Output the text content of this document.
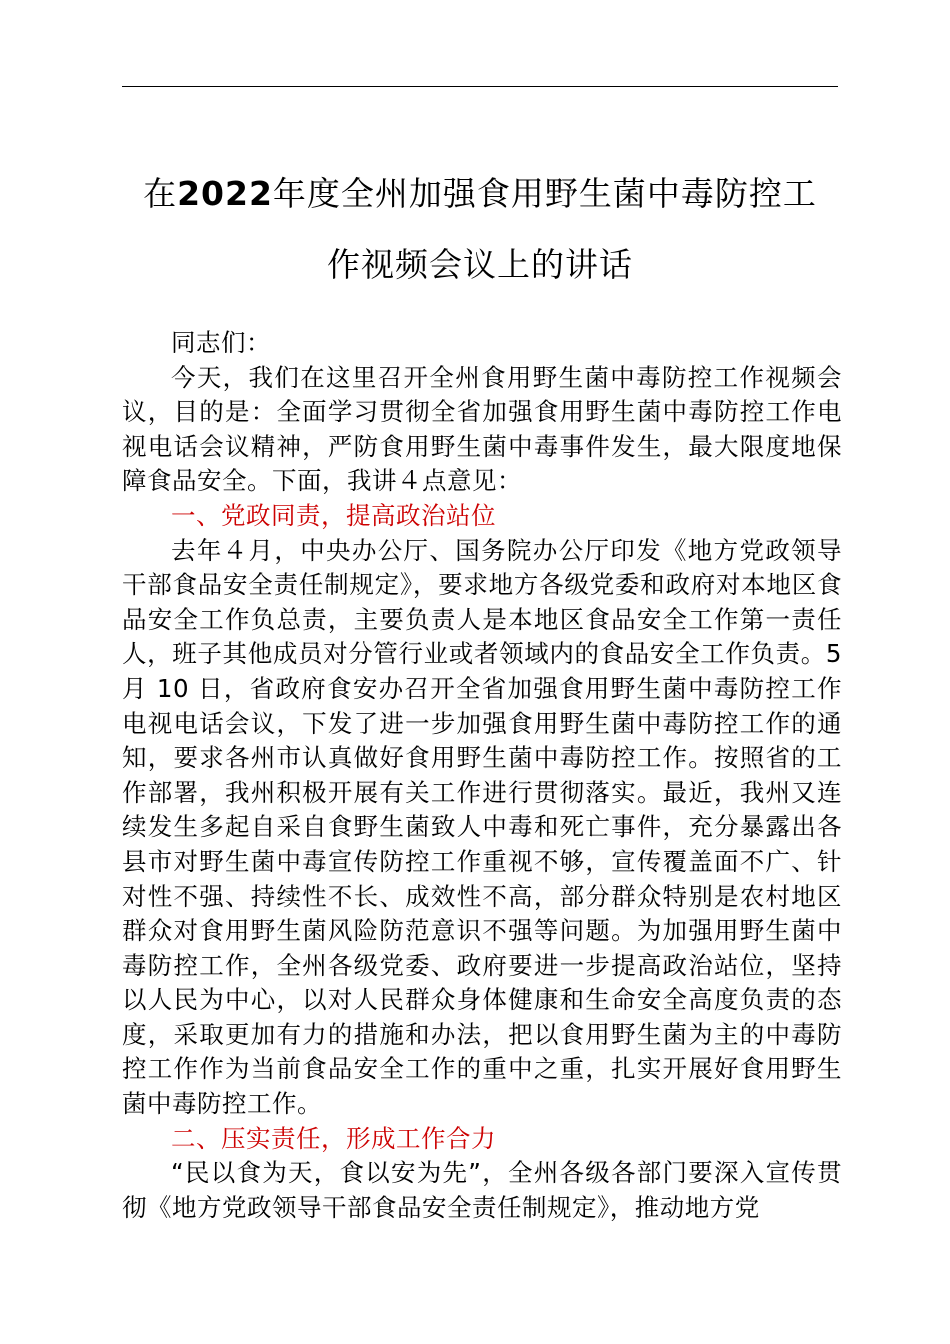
在2022年度全州加强食用野生菌中毒防控工
作视频会议上的讲话

同志们：

今天，我们在这里召开全州食用野生菌中毒防控工作视频会议，目的是：全面学习贯彻全省加强食用野生菌中毒防控工作电视电话会议精神，严防食用野生菌中毒事件发生，最大限度地保障食品安全。下面，我讲４点意见：

一、党政同责，提高政治站位

去年４月，中央办公厅、国务院办公厅印发《地方党政领导干部食品安全责任制规定》，要求地方各级党委和政府对本地区食品安全工作负总责，主要负责人是本地区食品安全工作第一责任人，班子其他成员对分管行业或者领域内的食品安全工作负责。5 月 10 日，省政府食安办召开全省加强食用野生菌中毒防控工作电视电话会议，下发了进一步加强食用野生菌中毒防控工作的通知，要求各州市认真做好食用野生菌中毒防控工作。按照省的工作部署，我州积极开展有关工作进行贯彻落实。最近，我州又连续发生多起自采自食野生菌致人中毒和死亡事件，充分暴露出各县市对野生菌中毒宣传防控工作重视不够，宣传覆盖面不广、针对性不强、持续性不长、成效性不高，部分群众特别是农村地区群众对食用野生菌风险防范意识不强等问题。为加强用野生菌中毒防控工作，全州各级党委、政府要进一步提高政治站位，坚持以人民为中心，以对人民群众身体健康和生命安全高度负责的态度，采取更加有力的措施和办法，把以食用野生菌为主的中毒防控工作作为当前食品安全工作的重中之重，扎实开展好食用野生菌中毒防控工作。

二、压实责任，形成工作合力

“民以食为天，食以安为先”，全州各级各部门要深入宣传贯彻《地方党政领导干部食品安全责任制规定》，推动地方党
